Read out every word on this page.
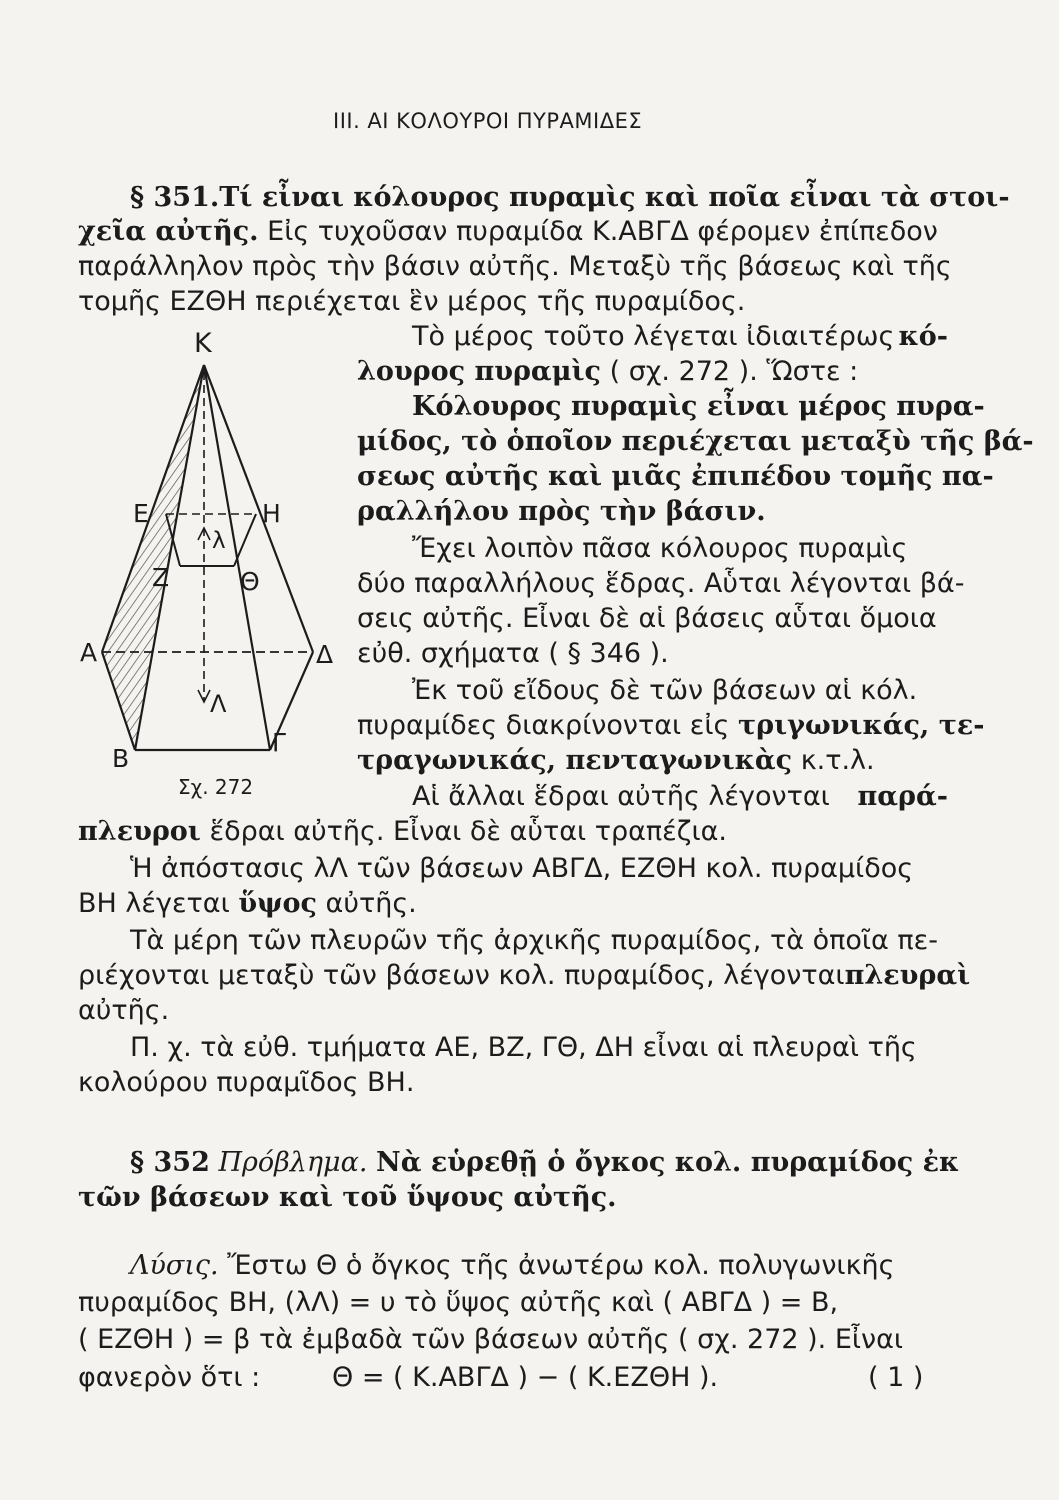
ΙΙΙ. ΑΙ ΚΟΛΟΥΡΟΙ ΠΥΡΑΜΙΔΕΣ
§ 351. Τί εἶναι κόλουρος πυραμὶς καὶ ποῖα εἶναι τὰ στοι-
χεῖα αὐτῆς. Εἰς τυχοῦσαν πυραμίδα Κ.ΑΒΓΔ φέρομεν ἐπίπεδον
παράλληλον πρὸς τὴν βάσιν αὐτῆς. Μεταξὺ τῆς βάσεως καὶ τῆς
τομῆς ΕΖΘΗ περιέχεται ἓν μέρος τῆς πυραμίδος.
Τὸ μέρος τοῦτο λέγεται ἰδιαιτέρως κό-
λουρος πυραμὶς ( σχ. 272 ). Ὥστε :
Κόλουρος πυραμὶς εἶναι μέρος πυρα-
μίδος, τὸ ὁποῖον περιέχεται μεταξὺ τῆς βά-
σεως αὐτῆς καὶ μιᾶς ἐπιπέδου τομῆς πα-
ραλλήλου πρὸς τὴν βάσιν.
Ἔχει λοιπὸν πᾶσα κόλουρος πυραμὶς
δύο παραλλήλους ἕδρας. Αὗται λέγονται βά-
σεις αὐτῆς. Εἶναι δὲ αἱ βάσεις αὗται ὅμοια
εὐθ. σχήματα ( § 346 ).
Ἐκ τοῦ εἴδους δὲ τῶν βάσεων αἱ κόλ.
πυραμίδες διακρίνονται εἰς τριγωνικάς, τε-
τραγωνικάς, πενταγωνικὰς κ.τ.λ.
Αἱ ἄλλαι ἕδραι αὐτῆς λέγονται παρά-
πλευροι ἕδραι αὐτῆς. Εἶναι δὲ αὗται τραπέζια.
Ἡ ἀπόστασις λΛ τῶν βάσεων ΑΒΓΔ, ΕΖΘΗ κολ. πυραμίδος
ΒΗ λέγεται ὕψος αὐτῆς.
Τὰ μέρη τῶν πλευρῶν τῆς ἀρχικῆς πυραμίδος, τὰ ὁποῖα πε-
ριέχονται μεταξὺ τῶν βάσεων κολ. πυραμίδος, λέγονται πλευραὶ
αὐτῆς.
Π. χ. τὰ εὐθ. τμήματα ΑΕ, ΒΖ, ΓΘ, ΔΗ εἶναι αἱ πλευραὶ τῆς
κολούρου πυραμῖδος ΒΗ.
§ 352 Πρόβλημα. Νὰ εὑρεθῇ ὁ ὄγκος κολ. πυραμίδος ἐκ
τῶν βάσεων καὶ τοῦ ὕψους αὐτῆς.
Λύσις. Ἔστω Θ ὁ ὄγκος τῆς ἀνωτέρω κολ. πολυγωνικῆς
πυραμίδος ΒΗ, (λΛ) = υ τὸ ὕψος αὐτῆς καὶ ( ΑΒΓΔ ) = Β,
( ΕΖΘΗ ) = β τὰ ἐμβαδὰ τῶν βάσεων αὐτῆς ( σχ. 272 ). Εἶναι
φανερὸν ὅτι :	Θ = ( Κ.ΑΒΓΔ ) − ( Κ.ΕΖΘΗ ).	( 1 )
Κ
Ε	Η
Ζ	Θ
λ
Α	Δ
Λ
Β
Γ
Σχ. 272
